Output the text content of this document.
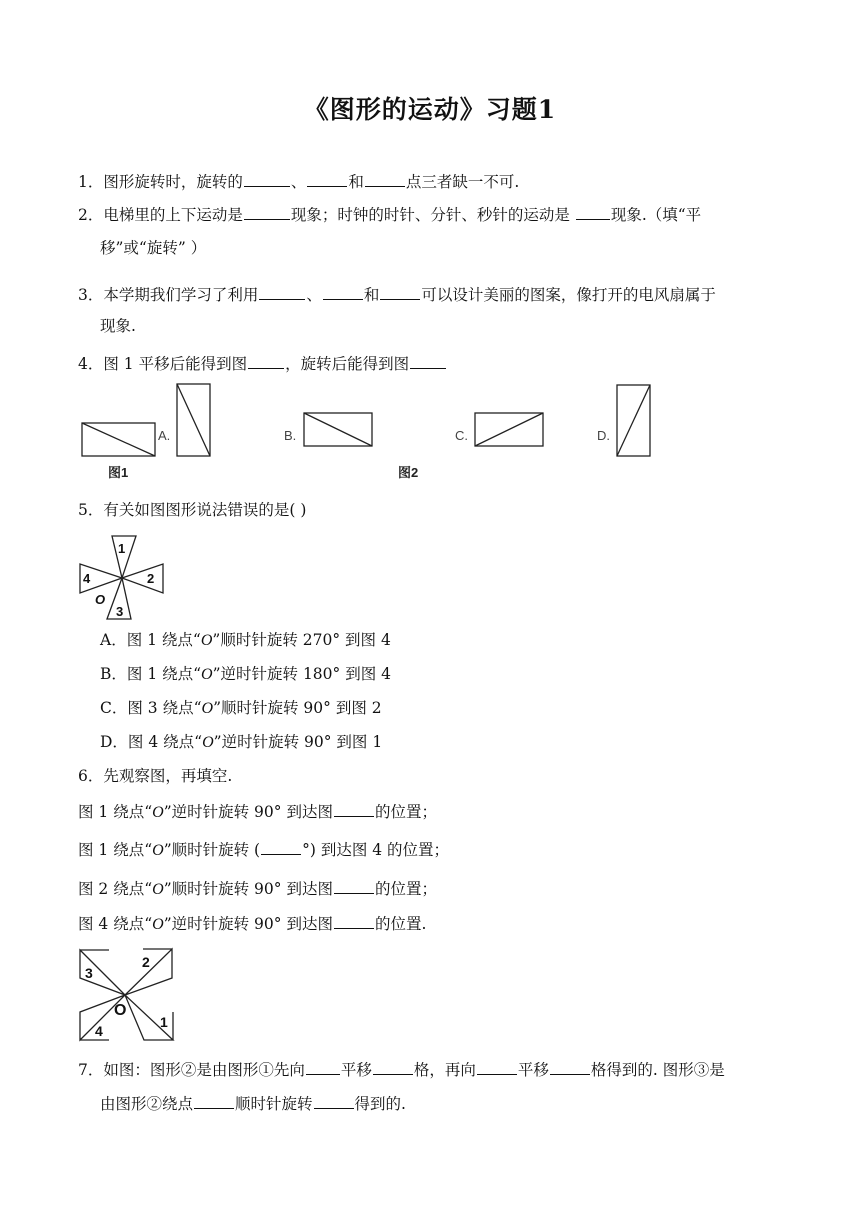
《图形的运动》习题1
1．图形旋转时，旋转的	、	和	点三者缺一不可.
2．电梯里的上下运动是	现象；时钟的时针、分针、秒针的运动是 现象.（填“平
移”或“旋转” ）
3．本学期我们学习了利用	、	和	可以设计美丽的图案，像打开的电风扇属于
现象.
4．图 1 平移后能得到图 ，旋转后能得到图
A.	B.	C.	D.
图1	图2
5．有关如图图形说法错误的是( )
1
2
3
4
O
A．图 1 绕点“O”顺时针旋转 270° 到图 4
B．图 1 绕点“O”逆时针旋转 180° 到图 4
C．图 3 绕点“O”顺时针旋转 90° 到图 2
D．图 4 绕点“O”逆时针旋转 90° 到图 1
6．先观察图，再填空.
图 1 绕点“O”逆时针旋转 90° 到达图	的位置；
图 1 绕点“O”顺时针旋转 (	°) 到达图 4 的位置；
图 2 绕点“O”顺时针旋转 90° 到达图	的位置；
图 4 绕点“O”逆时针旋转 90° 到达图	的位置.
2
1
4
3
O
7．如图：图形②是由图形①先向 平移	格，再向	平移	格得到的. 图形③是
由图形②绕点	顺时针旋转	得到的.
